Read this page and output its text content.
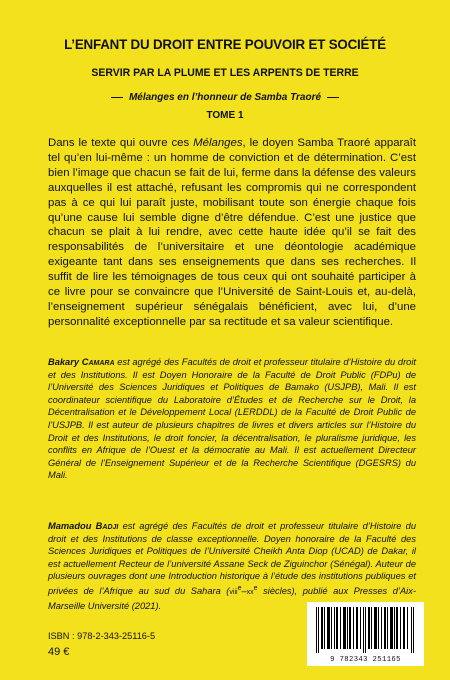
L’ENFANT DU DROIT ENTRE POUVOIR ET SOCIÉTÉ
SERVIR PAR LA PLUME ET LES ARPENTS DE TERRE
Mélanges en l’honneur de Samba Traoré
TOME 1
Dans le texte qui ouvre ces Mélanges, le doyen Samba Traoré apparaît tel qu’en lui-même : un homme de conviction et de détermination. C’est bien l’image que chacun se fait de lui, ferme dans la défense des valeurs auxquelles il est attaché, refusant les compromis qui ne correspondent pas à ce qui lui paraît juste, mobilisant toute son énergie chaque fois qu’une cause lui semble digne d’être défendue. C’est une justice que chacun se plait à lui rendre, avec cette haute idée qu’il se fait des responsabilités de l’universitaire et une déontologie académique exigeante tant dans ses enseignements que dans ses recherches. Il suffit de lire les témoignages de tous ceux qui ont souhaité participer à ce livre pour se convaincre que l’Université de Saint-Louis et, au-delà, l’enseignement supérieur sénégalais bénéficient, avec lui, d’une personnalité exceptionnelle par sa rectitude et sa valeur scientifique.
Bakary Camara est agrégé des Facultés de droit et professeur titulaire d’Histoire du droit et des Institutions. Il est Doyen Honoraire de la Faculté de Droit Public (FDPu) de l’Université des Sciences Juridiques et Politiques de Bamako (USJPB), Mali. Il est coordinateur scientifique du Laboratoire d’Études et de Recherche sur le Droit, la Décentralisation et le Développement Local (LERDDL) de la Faculté de Droit Public de l’USJPB. Il est auteur de plusieurs chapitres de livres et divers articles sur l’Histoire du Droit et des Institutions, le droit foncier, la décentralisation, le pluralisme juridique, les conflits en Afrique de l’Ouest et la démocratie au Mali. Il est actuellement Directeur Général de l’Enseignement Supérieur et de la Recherche Scientifique (DGESRS) du Mali.
Mamadou Badji est agrégé des Facultés de droit et professeur titulaire d’Histoire du droit et des Institutions de classe exceptionnelle. Doyen honoraire de la Faculté des Sciences Juridiques et Politiques de l’Université Cheikh Anta Diop (UCAD) de Dakar, il est actuellement Recteur de l’université Assane Seck de Ziguinchor (Sénégal). Auteur de plusieurs ouvrages dont une Introduction historique à l’étude des institutions publiques et privées de l’Afrique au sud du Sahara ($viii^e-xx^e$ siècles), publié aux Presses d’Aix-Marseille Université (2021).
ISBN : 978-2-343-25116-5
49 €
9 782343 251165
